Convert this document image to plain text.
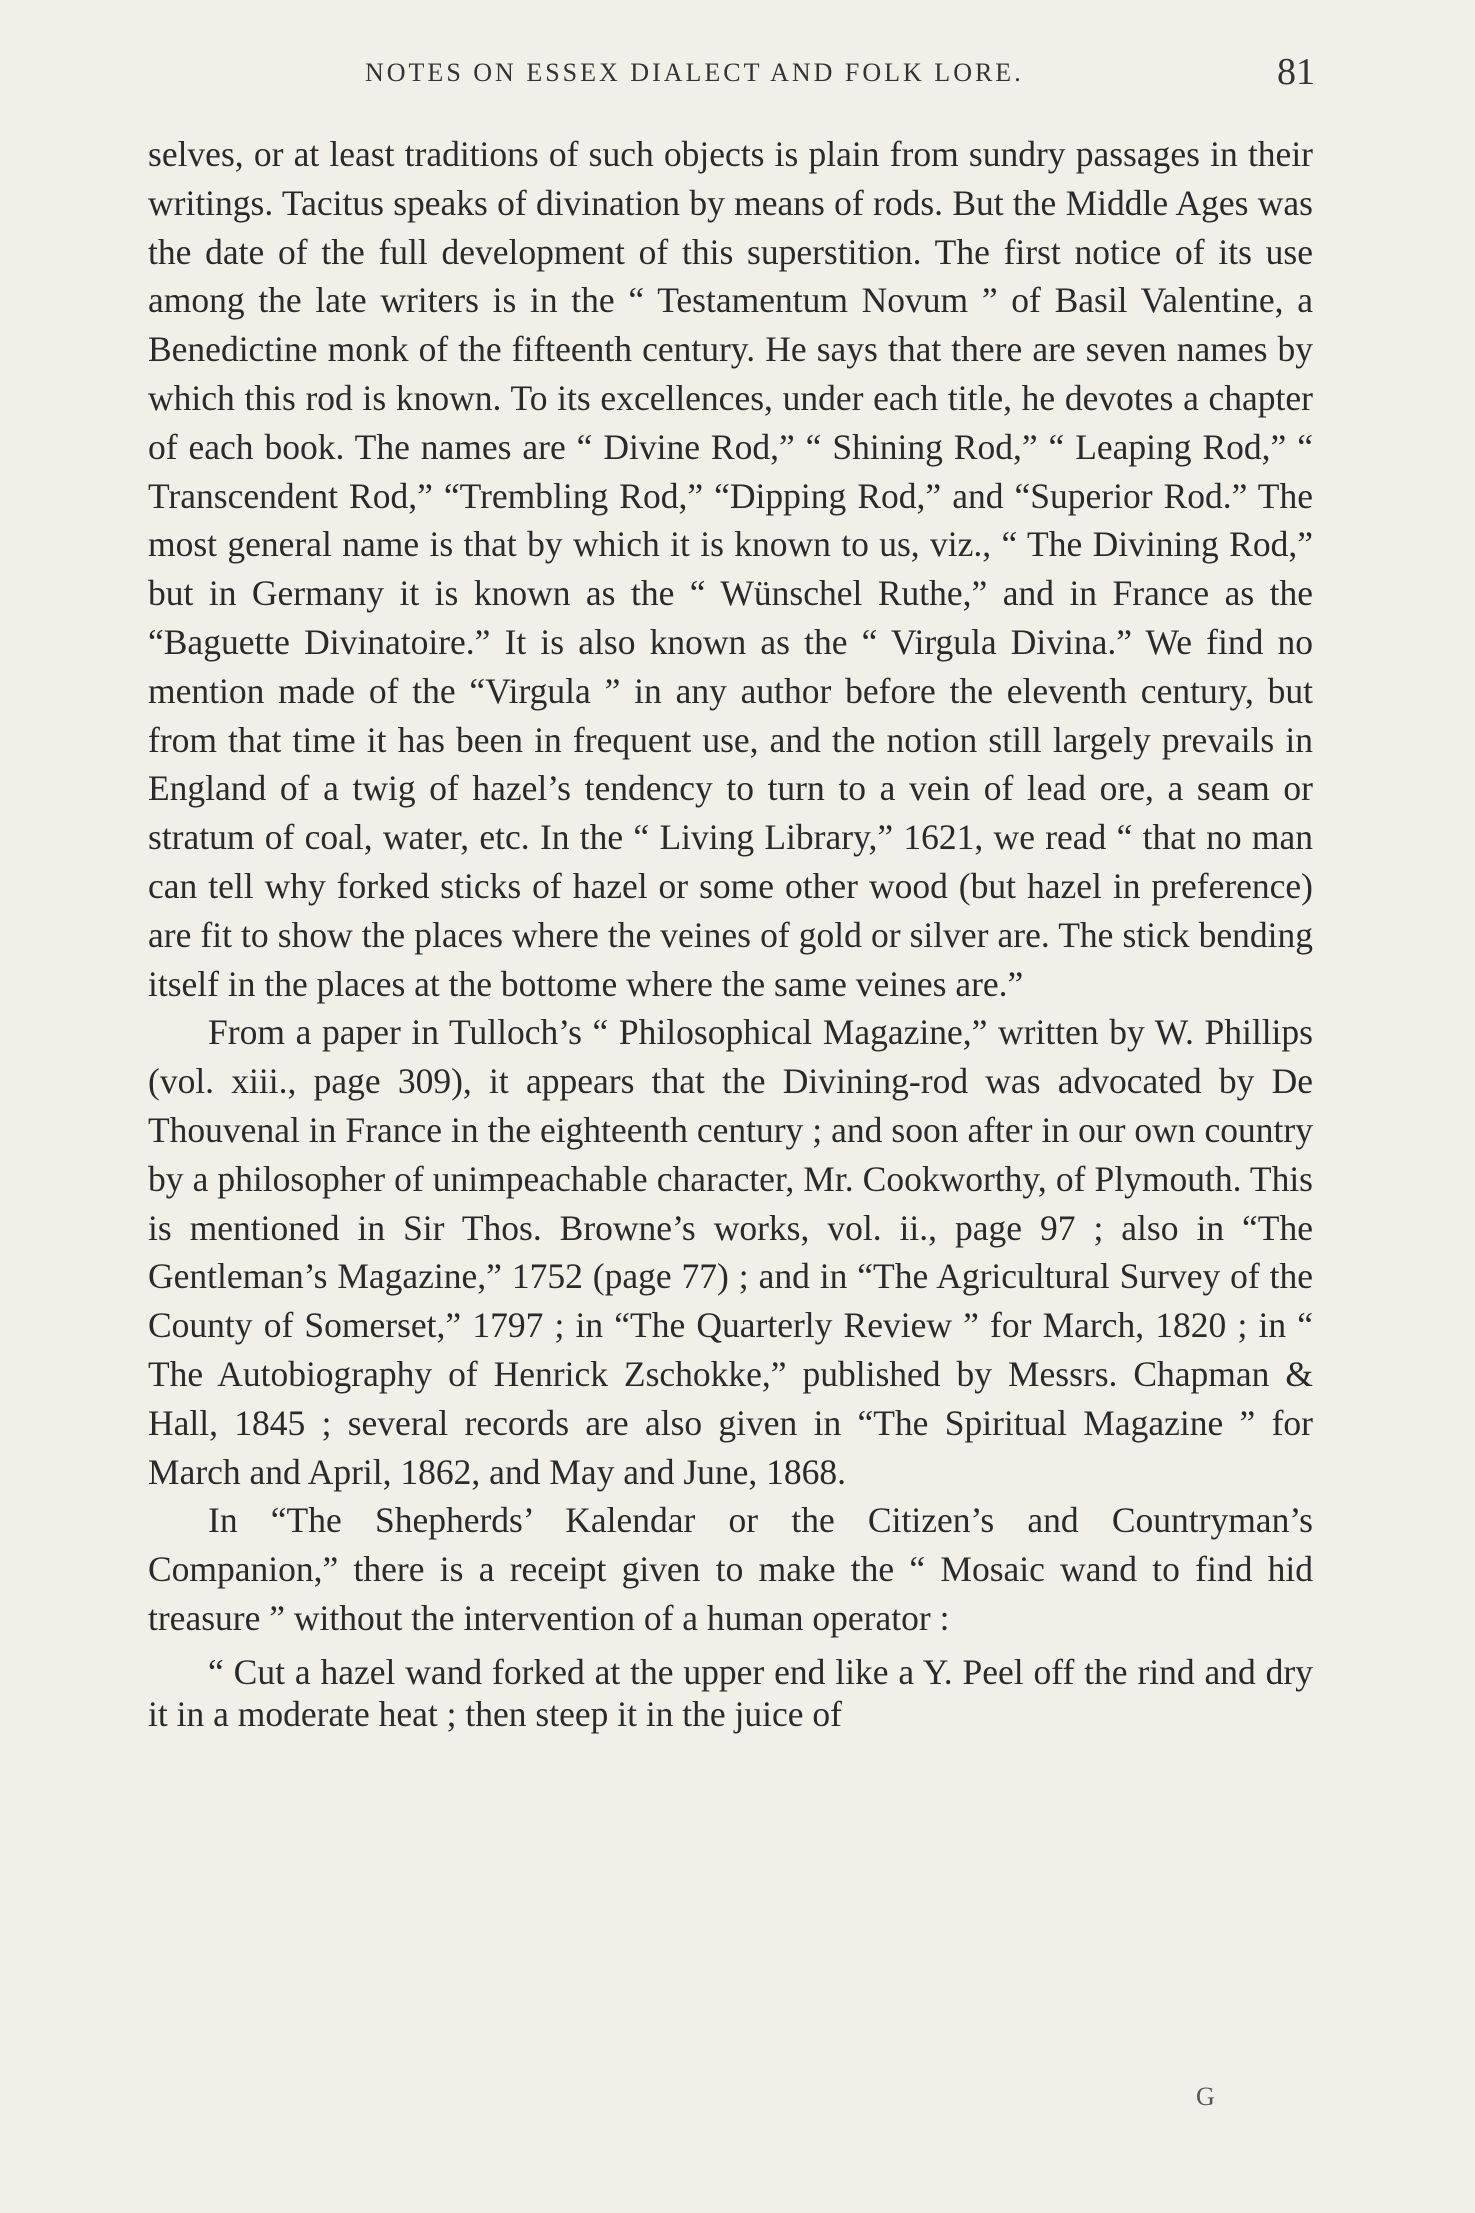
NOTES ON ESSEX DIALECT AND FOLK LORE.	81

selves, or at least traditions of such objects is plain from sundry passages in their writings. Tacitus speaks of divination by means of rods. But the Middle Ages was the date of the full development of this superstition. The first notice of its use among the late writers is in the “ Testamentum Novum ” of Basil Valentine, a Benedictine monk of the fifteenth century. He says that there are seven names by which this rod is known. To its excellences, under each title, he devotes a chapter of each book. The names are “ Divine Rod,” “ Shining Rod,” “ Leaping Rod,” “ Transcendent Rod,” “Trembling Rod,” “Dipping Rod,” and “Superior Rod.” The most general name is that by which it is known to us, viz., “ The Divining Rod,” but in Germany it is known as the “ Wünschel Ruthe,” and in France as the “Baguette Divinatoire.” It is also known as the “ Virgula Divina.” We find no mention made of the “Virgula ” in any author before the eleventh century, but from that time it has been in frequent use, and the notion still largely prevails in England of a twig of hazel’s tendency to turn to a vein of lead ore, a seam or stratum of coal, water, etc. In the “ Living Library,” 1621, we read “ that no man can tell why forked sticks of hazel or some other wood (but hazel in preference) are fit to show the places where the veines of gold or silver are. The stick bending itself in the places at the bottome where the same veines are.”

From a paper in Tulloch’s “ Philosophical Magazine,” written by W. Phillips (vol. xiii., page 309), it appears that the Divining-rod was advocated by De Thouvenal in France in the eighteenth century ; and soon after in our own country by a philosopher of unimpeachable character, Mr. Cookworthy, of Plymouth. This is mentioned in Sir Thos. Browne’s works, vol. ii., page 97 ; also in “The Gentleman’s Magazine,” 1752 (page 77) ; and in “The Agricultural Survey of the County of Somerset,” 1797 ; in “The Quarterly Review ” for March, 1820 ; in “ The Autobiography of Henrick Zschokke,” published by Messrs. Chapman & Hall, 1845 ; several records are also given in “The Spiritual Magazine ” for March and April, 1862, and May and June, 1868.

In “The Shepherds’ Kalendar or the Citizen’s and Countryman’s Companion,” there is a receipt given to make the “ Mosaic wand to find hid treasure ” without the intervention of a human operator :

“ Cut a hazel wand forked at the upper end like a Y. Peel off the rind and dry it in a moderate heat ; then steep it in the juice of

G
